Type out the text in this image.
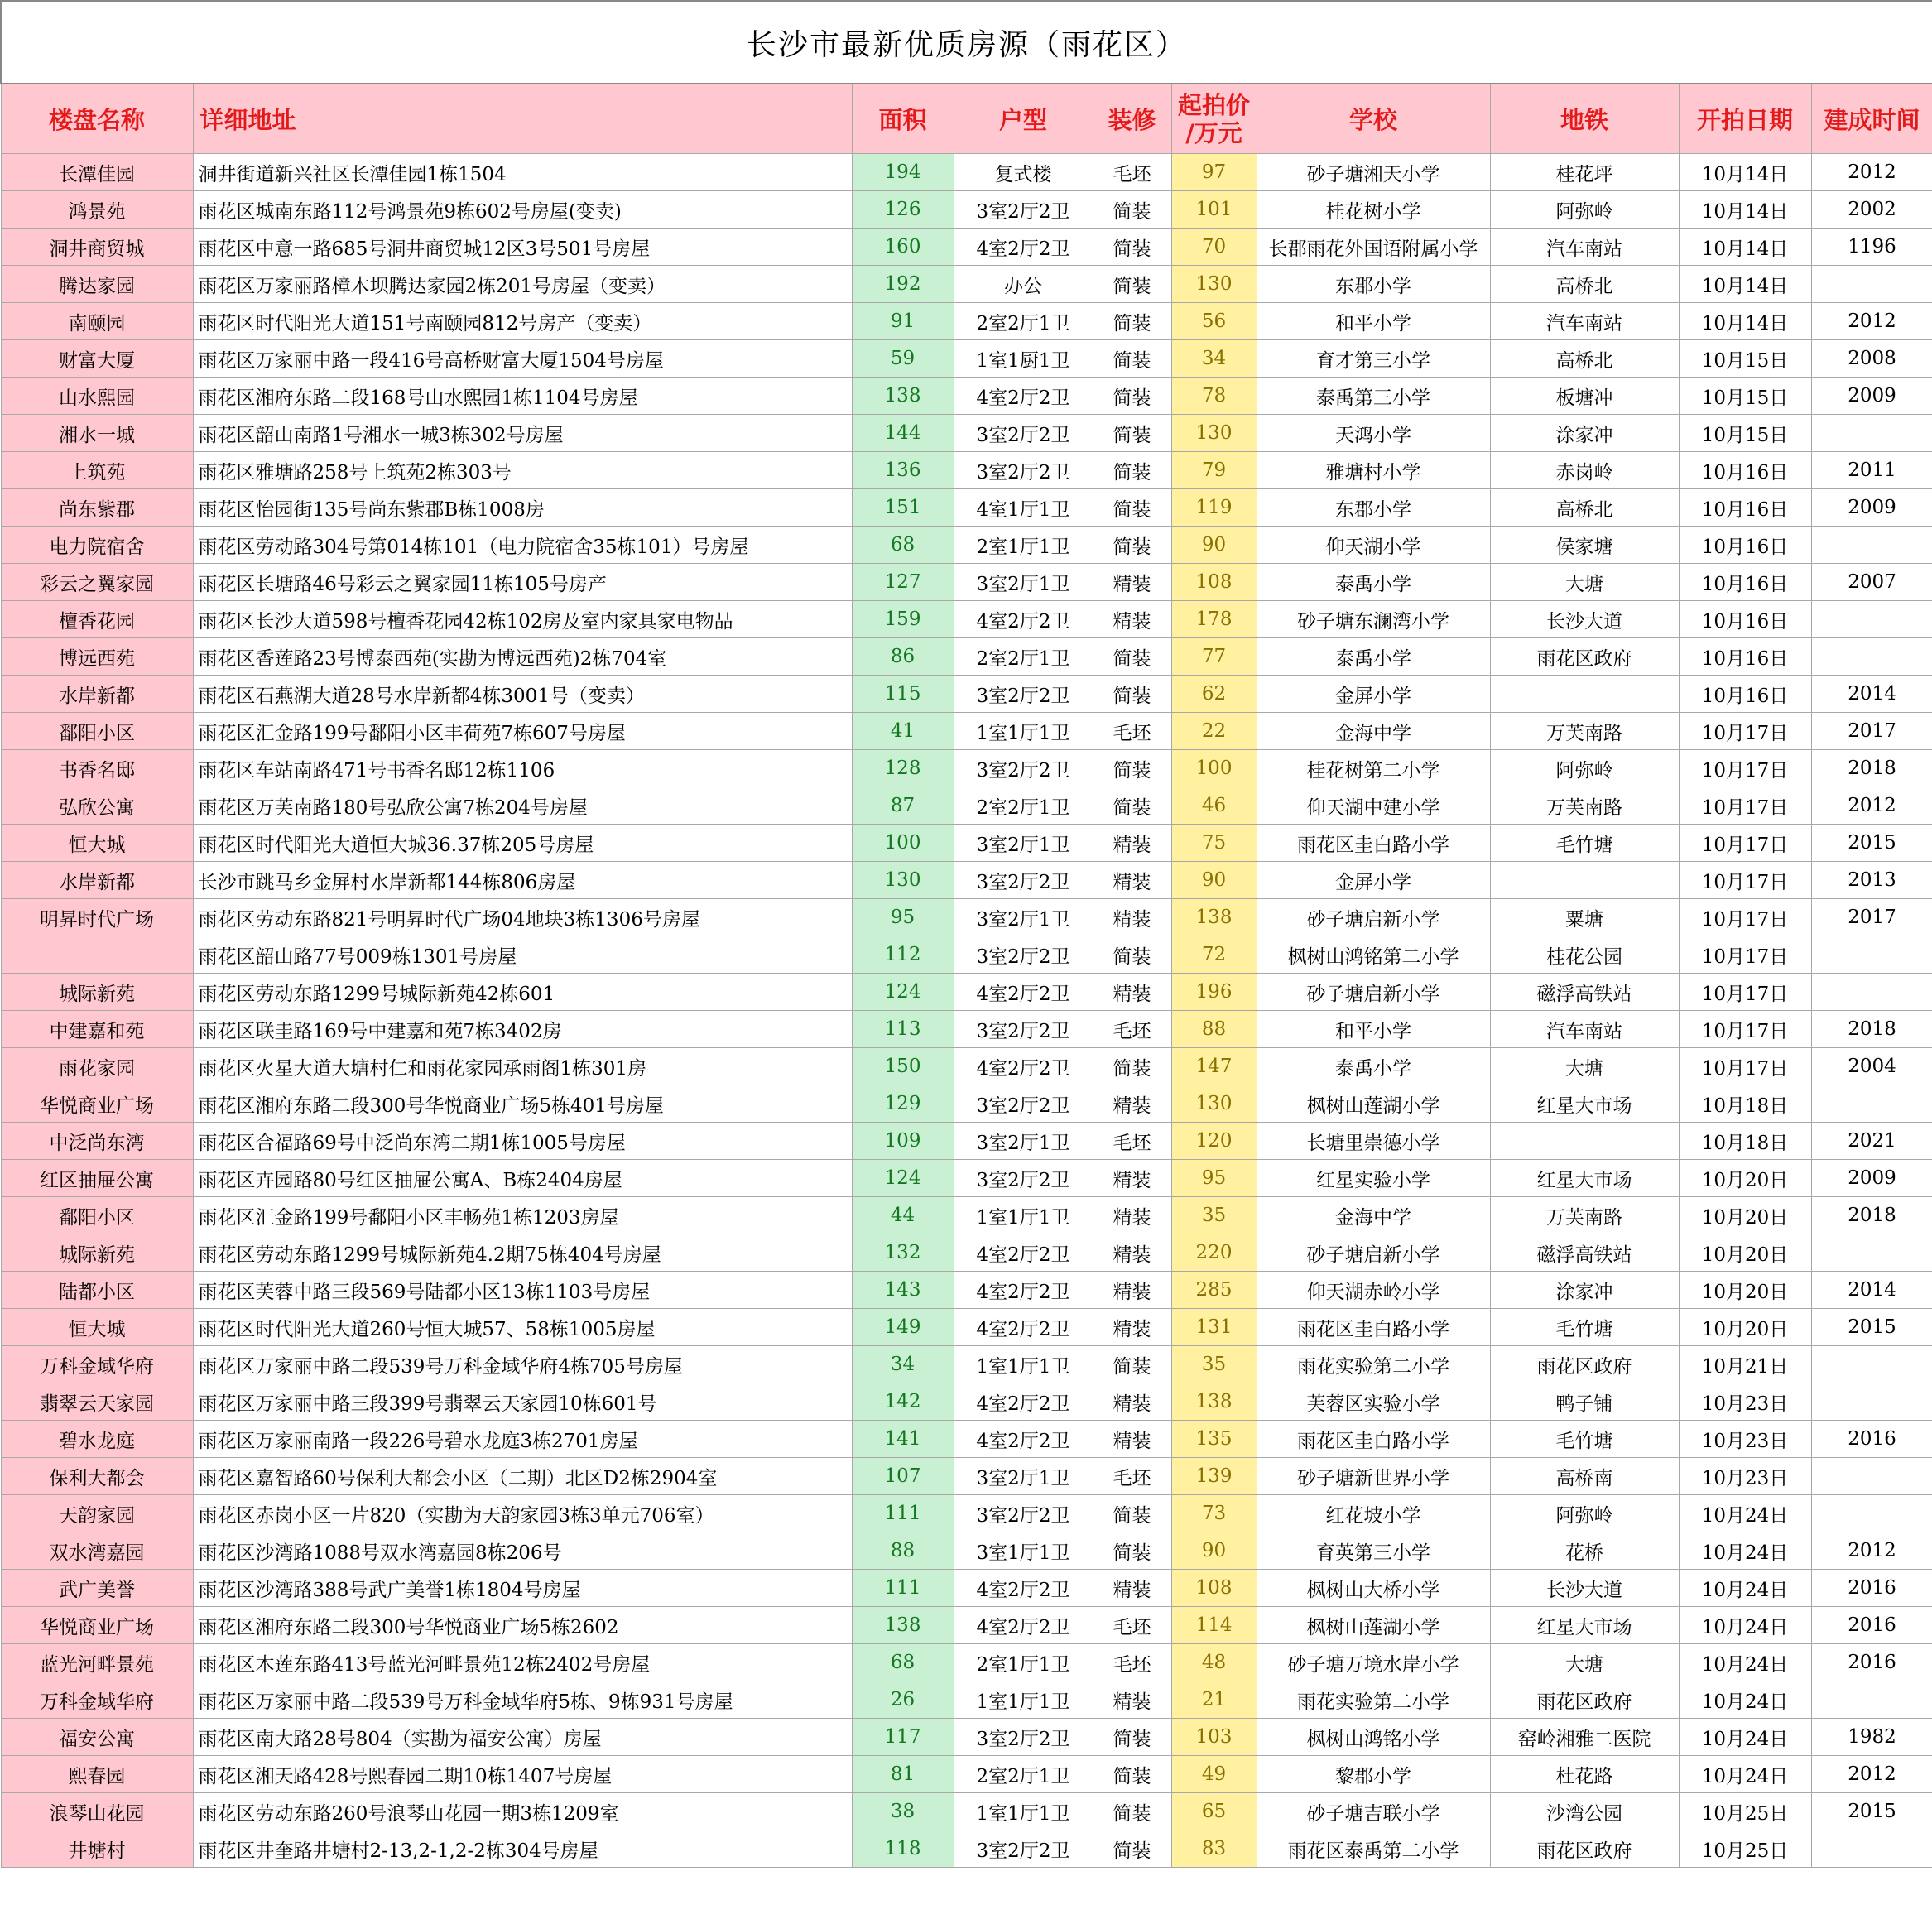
长沙市最新优质房源（雨花区）									
楼盘名称	详细地址	面积	户型	装修	起拍价
/万元	学校	地铁	开拍日期	建成时间
长潭佳园	洞井街道新兴社区长潭佳园1栋1504	194	复式楼	毛坯	97	砂子塘湘天小学	桂花坪	10月14日	2012
鸿景苑	雨花区城南东路112号鸿景苑9栋602号房屋(变卖)	126	3室2厅2卫	简装	101	桂花树小学	阿弥岭	10月14日	2002
洞井商贸城	雨花区中意一路685号洞井商贸城12区3号501号房屋	160	4室2厅2卫	简装	70	长郡雨花外国语附属小学	汽车南站	10月14日	1196
腾达家园	雨花区万家丽路樟木坝腾达家园2栋201号房屋（变卖）	192	办公	简装	130	东郡小学	高桥北	10月14日	
南颐园	雨花区时代阳光大道151号南颐园812号房产（变卖）	91	2室2厅1卫	简装	56	和平小学	汽车南站	10月14日	2012
财富大厦	雨花区万家丽中路一段416号高桥财富大厦1504号房屋	59	1室1厨1卫	简装	34	育才第三小学	高桥北	10月15日	2008
山水熙园	雨花区湘府东路二段168号山水熙园1栋1104号房屋	138	4室2厅2卫	简装	78	泰禹第三小学	板塘冲	10月15日	2009
湘水一城	雨花区韶山南路1号湘水一城3栋302号房屋	144	3室2厅2卫	简装	130	天鸿小学	涂家冲	10月15日	
上筑苑	雨花区雅塘路258号上筑苑2栋303号	136	3室2厅2卫	简装	79	雅塘村小学	赤岗岭	10月16日	2011
尚东紫郡	雨花区怡园街135号尚东紫郡B栋1008房	151	4室1厅1卫	简装	119	东郡小学	高桥北	10月16日	2009
电力院宿舍	雨花区劳动路304号第014栋101（电力院宿舍35栋101）号房屋	68	2室1厅1卫	简装	90	仰天湖小学	侯家塘	10月16日	
彩云之翼家园	雨花区长塘路46号彩云之翼家园11栋105号房产	127	3室2厅1卫	精装	108	泰禹小学	大塘	10月16日	2007
檀香花园	雨花区长沙大道598号檀香花园42栋102房及室内家具家电物品	159	4室2厅2卫	精装	178	砂子塘东澜湾小学	长沙大道	10月16日	
博远西苑	雨花区香莲路23号博泰西苑(实勘为博远西苑)2栋704室	86	2室2厅1卫	简装	77	泰禹小学	雨花区政府	10月16日	
水岸新都	雨花区石燕湖大道28号水岸新都4栋3001号（变卖）	115	3室2厅2卫	简装	62	金屏小学		10月16日	2014
鄱阳小区	雨花区汇金路199号鄱阳小区丰荷苑7栋607号房屋	41	1室1厅1卫	毛坯	22	金海中学	万芙南路	10月17日	2017
书香名邸	雨花区车站南路471号书香名邸12栋1106	128	3室2厅2卫	简装	100	桂花树第二小学	阿弥岭	10月17日	2018
弘欣公寓	雨花区万芙南路180号弘欣公寓7栋204号房屋	87	2室2厅1卫	简装	46	仰天湖中建小学	万芙南路	10月17日	2012
恒大城	雨花区时代阳光大道恒大城36.37栋205号房屋	100	3室2厅1卫	精装	75	雨花区圭白路小学	毛竹塘	10月17日	2015
水岸新都	长沙市跳马乡金屏村水岸新都144栋806房屋	130	3室2厅2卫	精装	90	金屏小学		10月17日	2013
明昇时代广场	雨花区劳动东路821号明昇时代广场04地块3栋1306号房屋	95	3室2厅1卫	精装	138	砂子塘启新小学	粟塘	10月17日	2017
	雨花区韶山路77号009栋1301号房屋	112	3室2厅2卫	简装	72	枫树山鸿铭第二小学	桂花公园	10月17日	
城际新苑	雨花区劳动东路1299号城际新苑42栋601	124	4室2厅2卫	精装	196	砂子塘启新小学	磁浮高铁站	10月17日	
中建嘉和苑	雨花区联圭路169号中建嘉和苑7栋3402房	113	3室2厅2卫	毛坯	88	和平小学	汽车南站	10月17日	2018
雨花家园	雨花区火星大道大塘村仁和雨花家园承雨阁1栋301房	150	4室2厅2卫	简装	147	泰禹小学	大塘	10月17日	2004
华悦商业广场	雨花区湘府东路二段300号华悦商业广场5栋401号房屋	129	3室2厅2卫	精装	130	枫树山莲湖小学	红星大市场	10月18日	
中泛尚东湾	雨花区合福路69号中泛尚东湾二期1栋1005号房屋	109	3室2厅1卫	毛坯	120	长塘里崇德小学		10月18日	2021
红区抽屉公寓	雨花区卉园路80号红区抽屉公寓A、B栋2404房屋	124	3室2厅2卫	精装	95	红星实验小学	红星大市场	10月20日	2009
鄱阳小区	雨花区汇金路199号鄱阳小区丰畅苑1栋1203房屋	44	1室1厅1卫	精装	35	金海中学	万芙南路	10月20日	2018
城际新苑	雨花区劳动东路1299号城际新苑4.2期75栋404号房屋	132	4室2厅2卫	精装	220	砂子塘启新小学	磁浮高铁站	10月20日	
陆都小区	雨花区芙蓉中路三段569号陆都小区13栋1103号房屋	143	4室2厅2卫	精装	285	仰天湖赤岭小学	涂家冲	10月20日	2014
恒大城	雨花区时代阳光大道260号恒大城57、58栋1005房屋	149	4室2厅2卫	精装	131	雨花区圭白路小学	毛竹塘	10月20日	2015
万科金域华府	雨花区万家丽中路二段539号万科金域华府4栋705号房屋	34	1室1厅1卫	简装	35	雨花实验第二小学	雨花区政府	10月21日	
翡翠云天家园	雨花区万家丽中路三段399号翡翠云天家园10栋601号	142	4室2厅2卫	精装	138	芙蓉区实验小学	鸭子铺	10月23日	
碧水龙庭	雨花区万家丽南路一段226号碧水龙庭3栋2701房屋	141	4室2厅2卫	精装	135	雨花区圭白路小学	毛竹塘	10月23日	2016
保利大都会	雨花区嘉智路60号保利大都会小区（二期）北区D2栋2904室	107	3室2厅1卫	毛坯	139	砂子塘新世界小学	高桥南	10月23日	
天韵家园	雨花区赤岗小区一片820（实勘为天韵家园3栋3单元706室）	111	3室2厅2卫	简装	73	红花坡小学	阿弥岭	10月24日	
双水湾嘉园	雨花区沙湾路1088号双水湾嘉园8栋206号	88	3室1厅1卫	简装	90	育英第三小学	花桥	10月24日	2012
武广美誉	雨花区沙湾路388号武广美誉1栋1804号房屋	111	4室2厅2卫	精装	108	枫树山大桥小学	长沙大道	10月24日	2016
华悦商业广场	雨花区湘府东路二段300号华悦商业广场5栋2602	138	4室2厅2卫	毛坯	114	枫树山莲湖小学	红星大市场	10月24日	2016
蓝光河畔景苑	雨花区木莲东路413号蓝光河畔景苑12栋2402号房屋	68	2室1厅1卫	毛坯	48	砂子塘万境水岸小学	大塘	10月24日	2016
万科金域华府	雨花区万家丽中路二段539号万科金域华府5栋、9栋931号房屋	26	1室1厅1卫	精装	21	雨花实验第二小学	雨花区政府	10月24日	
福安公寓	雨花区南大路28号804（实勘为福安公寓）房屋	117	3室2厅2卫	简装	103	枫树山鸿铭小学	窑岭湘雅二医院	10月24日	1982
熙春园	雨花区湘天路428号熙春园二期10栋1407号房屋	81	2室2厅1卫	简装	49	黎郡小学	杜花路	10月24日	2012
浪琴山花园	雨花区劳动东路260号浪琴山花园一期3栋1209室	38	1室1厅1卫	简装	65	砂子塘吉联小学	沙湾公园	10月25日	2015
井塘村	雨花区井奎路井塘村2-13,2-1,2-2栋304号房屋	118	3室2厅2卫	简装	83	雨花区泰禹第二小学	雨花区政府	10月25日	
